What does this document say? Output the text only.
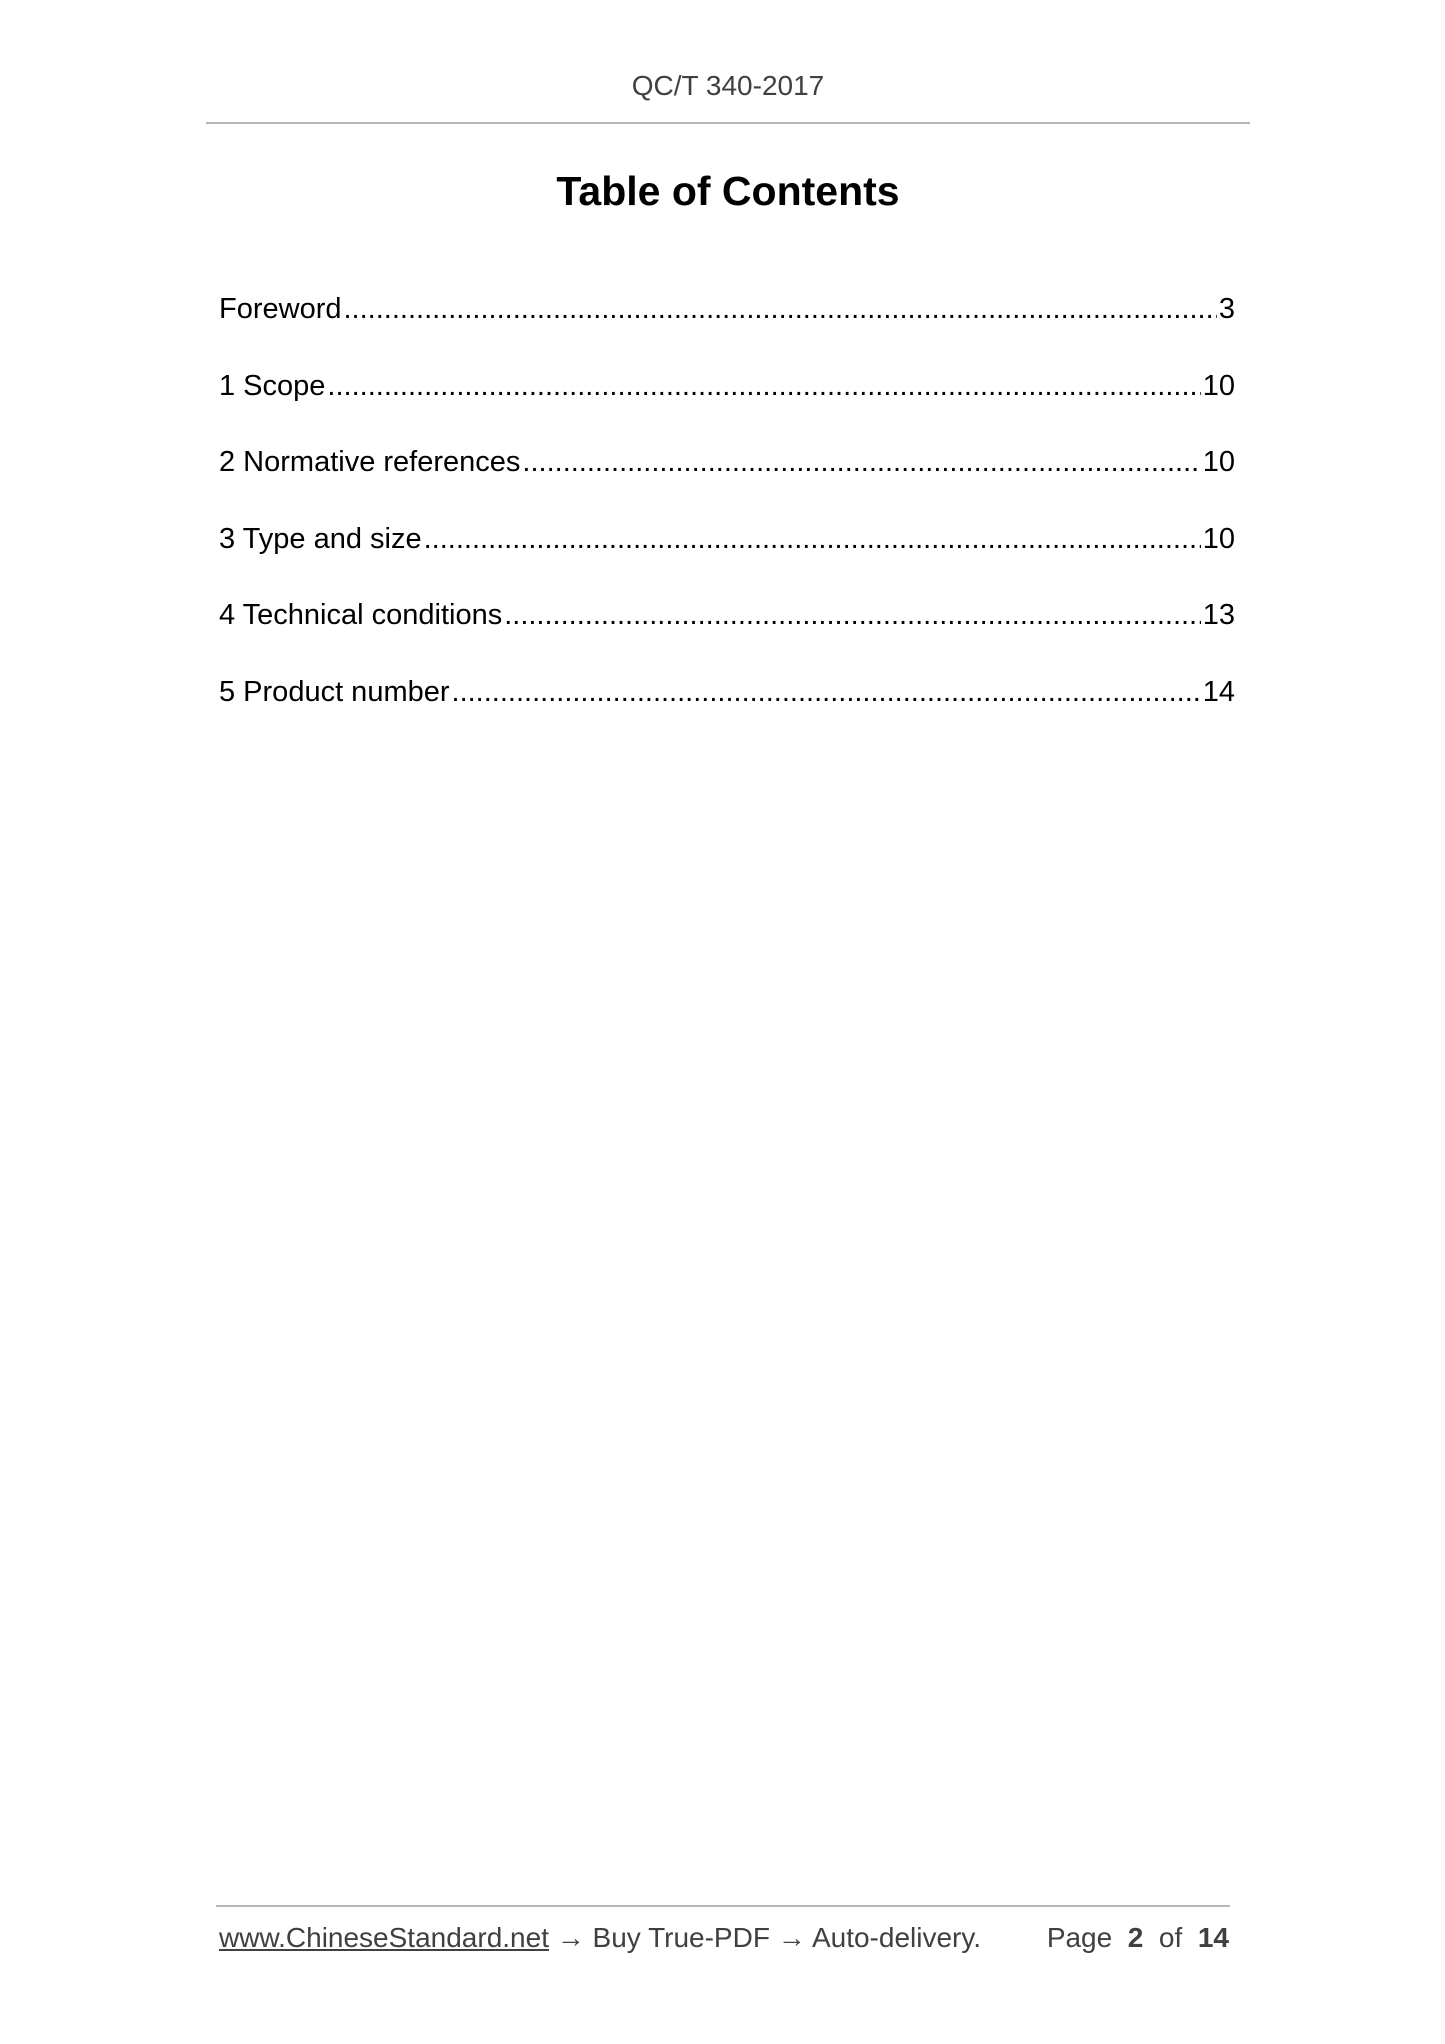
QC/T 340-2017
Table of Contents
Foreword .....	3
1 Scope .....	10
2 Normative references .....	10
3 Type and size .....	10
4 Technical conditions .....	13
5 Product number .....	14
www.ChineseStandard.net → Buy True-PDF → Auto-delivery. Page 2 of 14
